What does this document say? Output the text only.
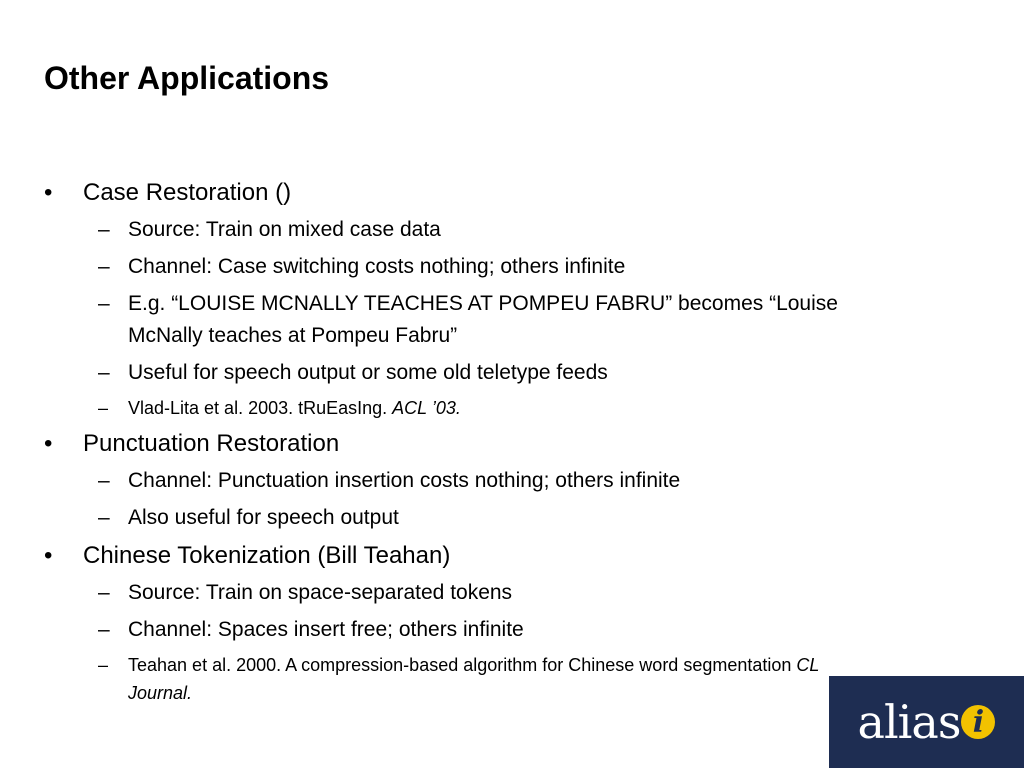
Other Applications
• Case Restoration ()
– Source: Train on mixed case data
– Channel: Case switching costs nothing; others infinite
– E.g. “LOUISE MCNALLY TEACHES AT POMPEU FABRU” becomes “Louise McNally teaches at Pompeu Fabru”
– Useful for speech output or some old teletype feeds
– Vlad-Lita et al. 2003. tRuEasIng. ACL ’03.
• Punctuation Restoration
– Channel: Punctuation insertion costs nothing; others infinite
– Also useful for speech output
• Chinese Tokenization (Bill Teahan)
– Source: Train on space-separated tokens
– Channel: Spaces insert free; others infinite
– Teahan et al. 2000. A compression-based algorithm for Chinese word segmentation CL Journal.
alias i
